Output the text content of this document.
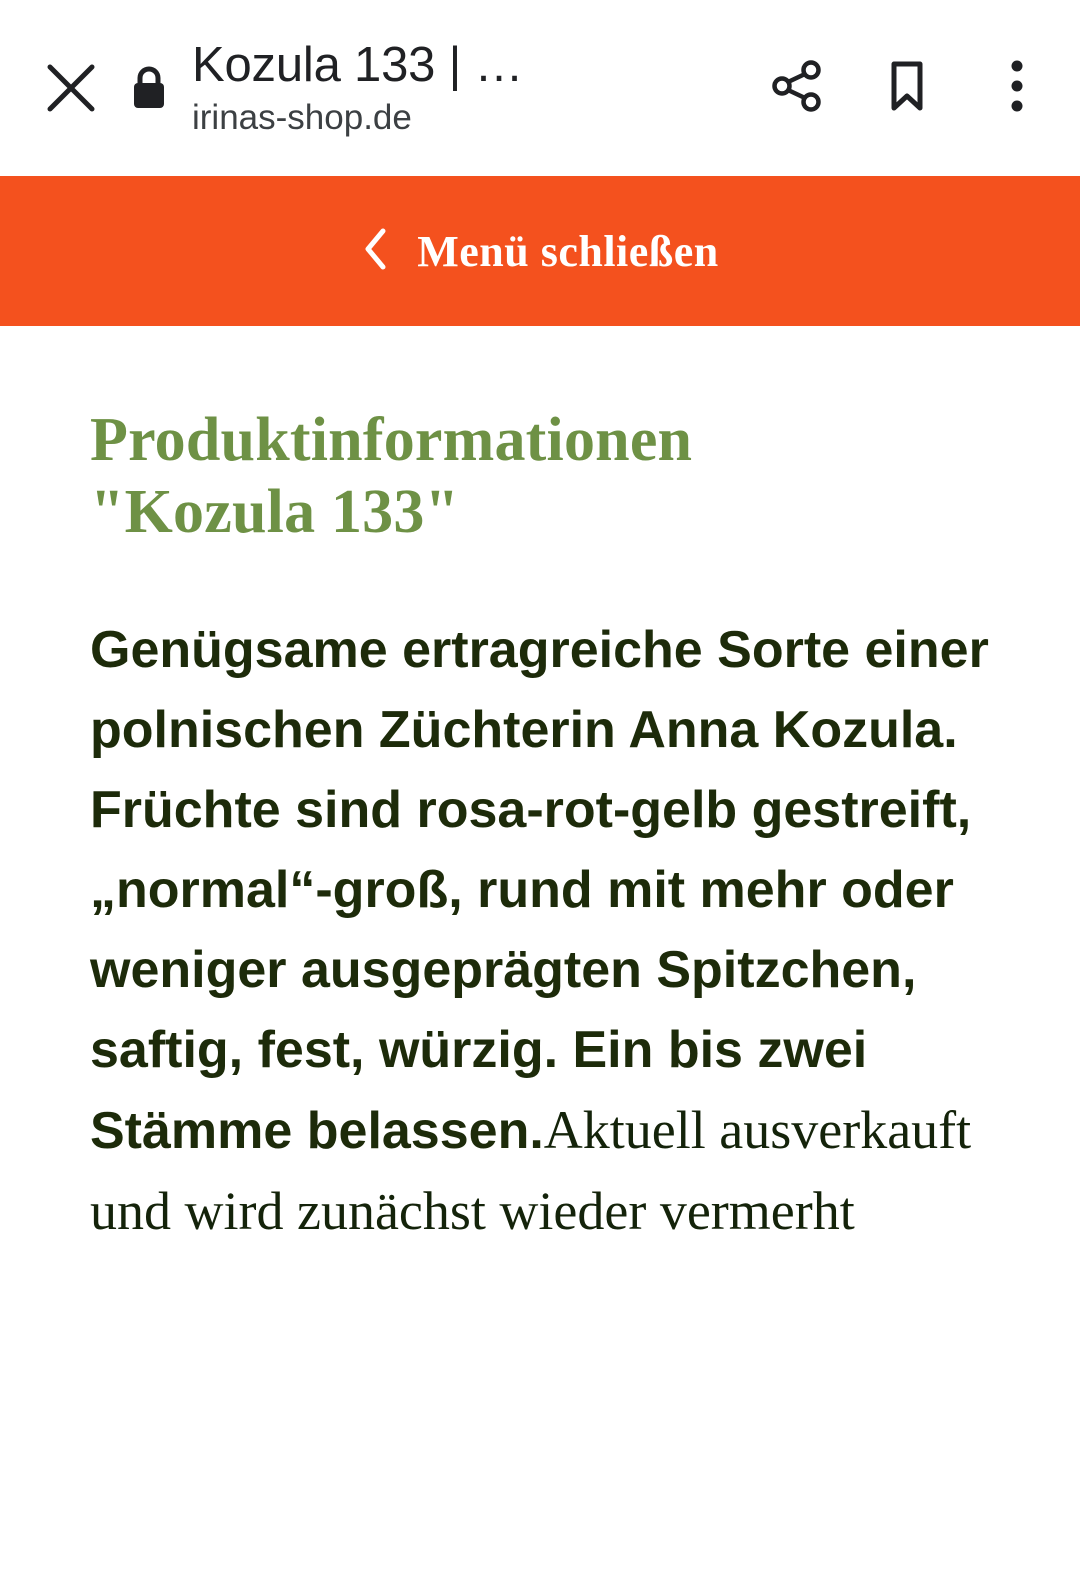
Kozula 133 | …
irinas-shop.de
Menü schließen
Produktinformationen "Kozula 133"

Genügsame ertragreiche Sorte einer polnischen Züchterin Anna Kozula. Früchte sind rosa-rot-gelb gestreift, „normal“-groß, rund mit mehr oder weniger ausgeprägten Spitzchen, saftig, fest, würzig. Ein bis zwei Stämme belassen.Aktuell ausverkauft und wird zunächst wieder vermerht
